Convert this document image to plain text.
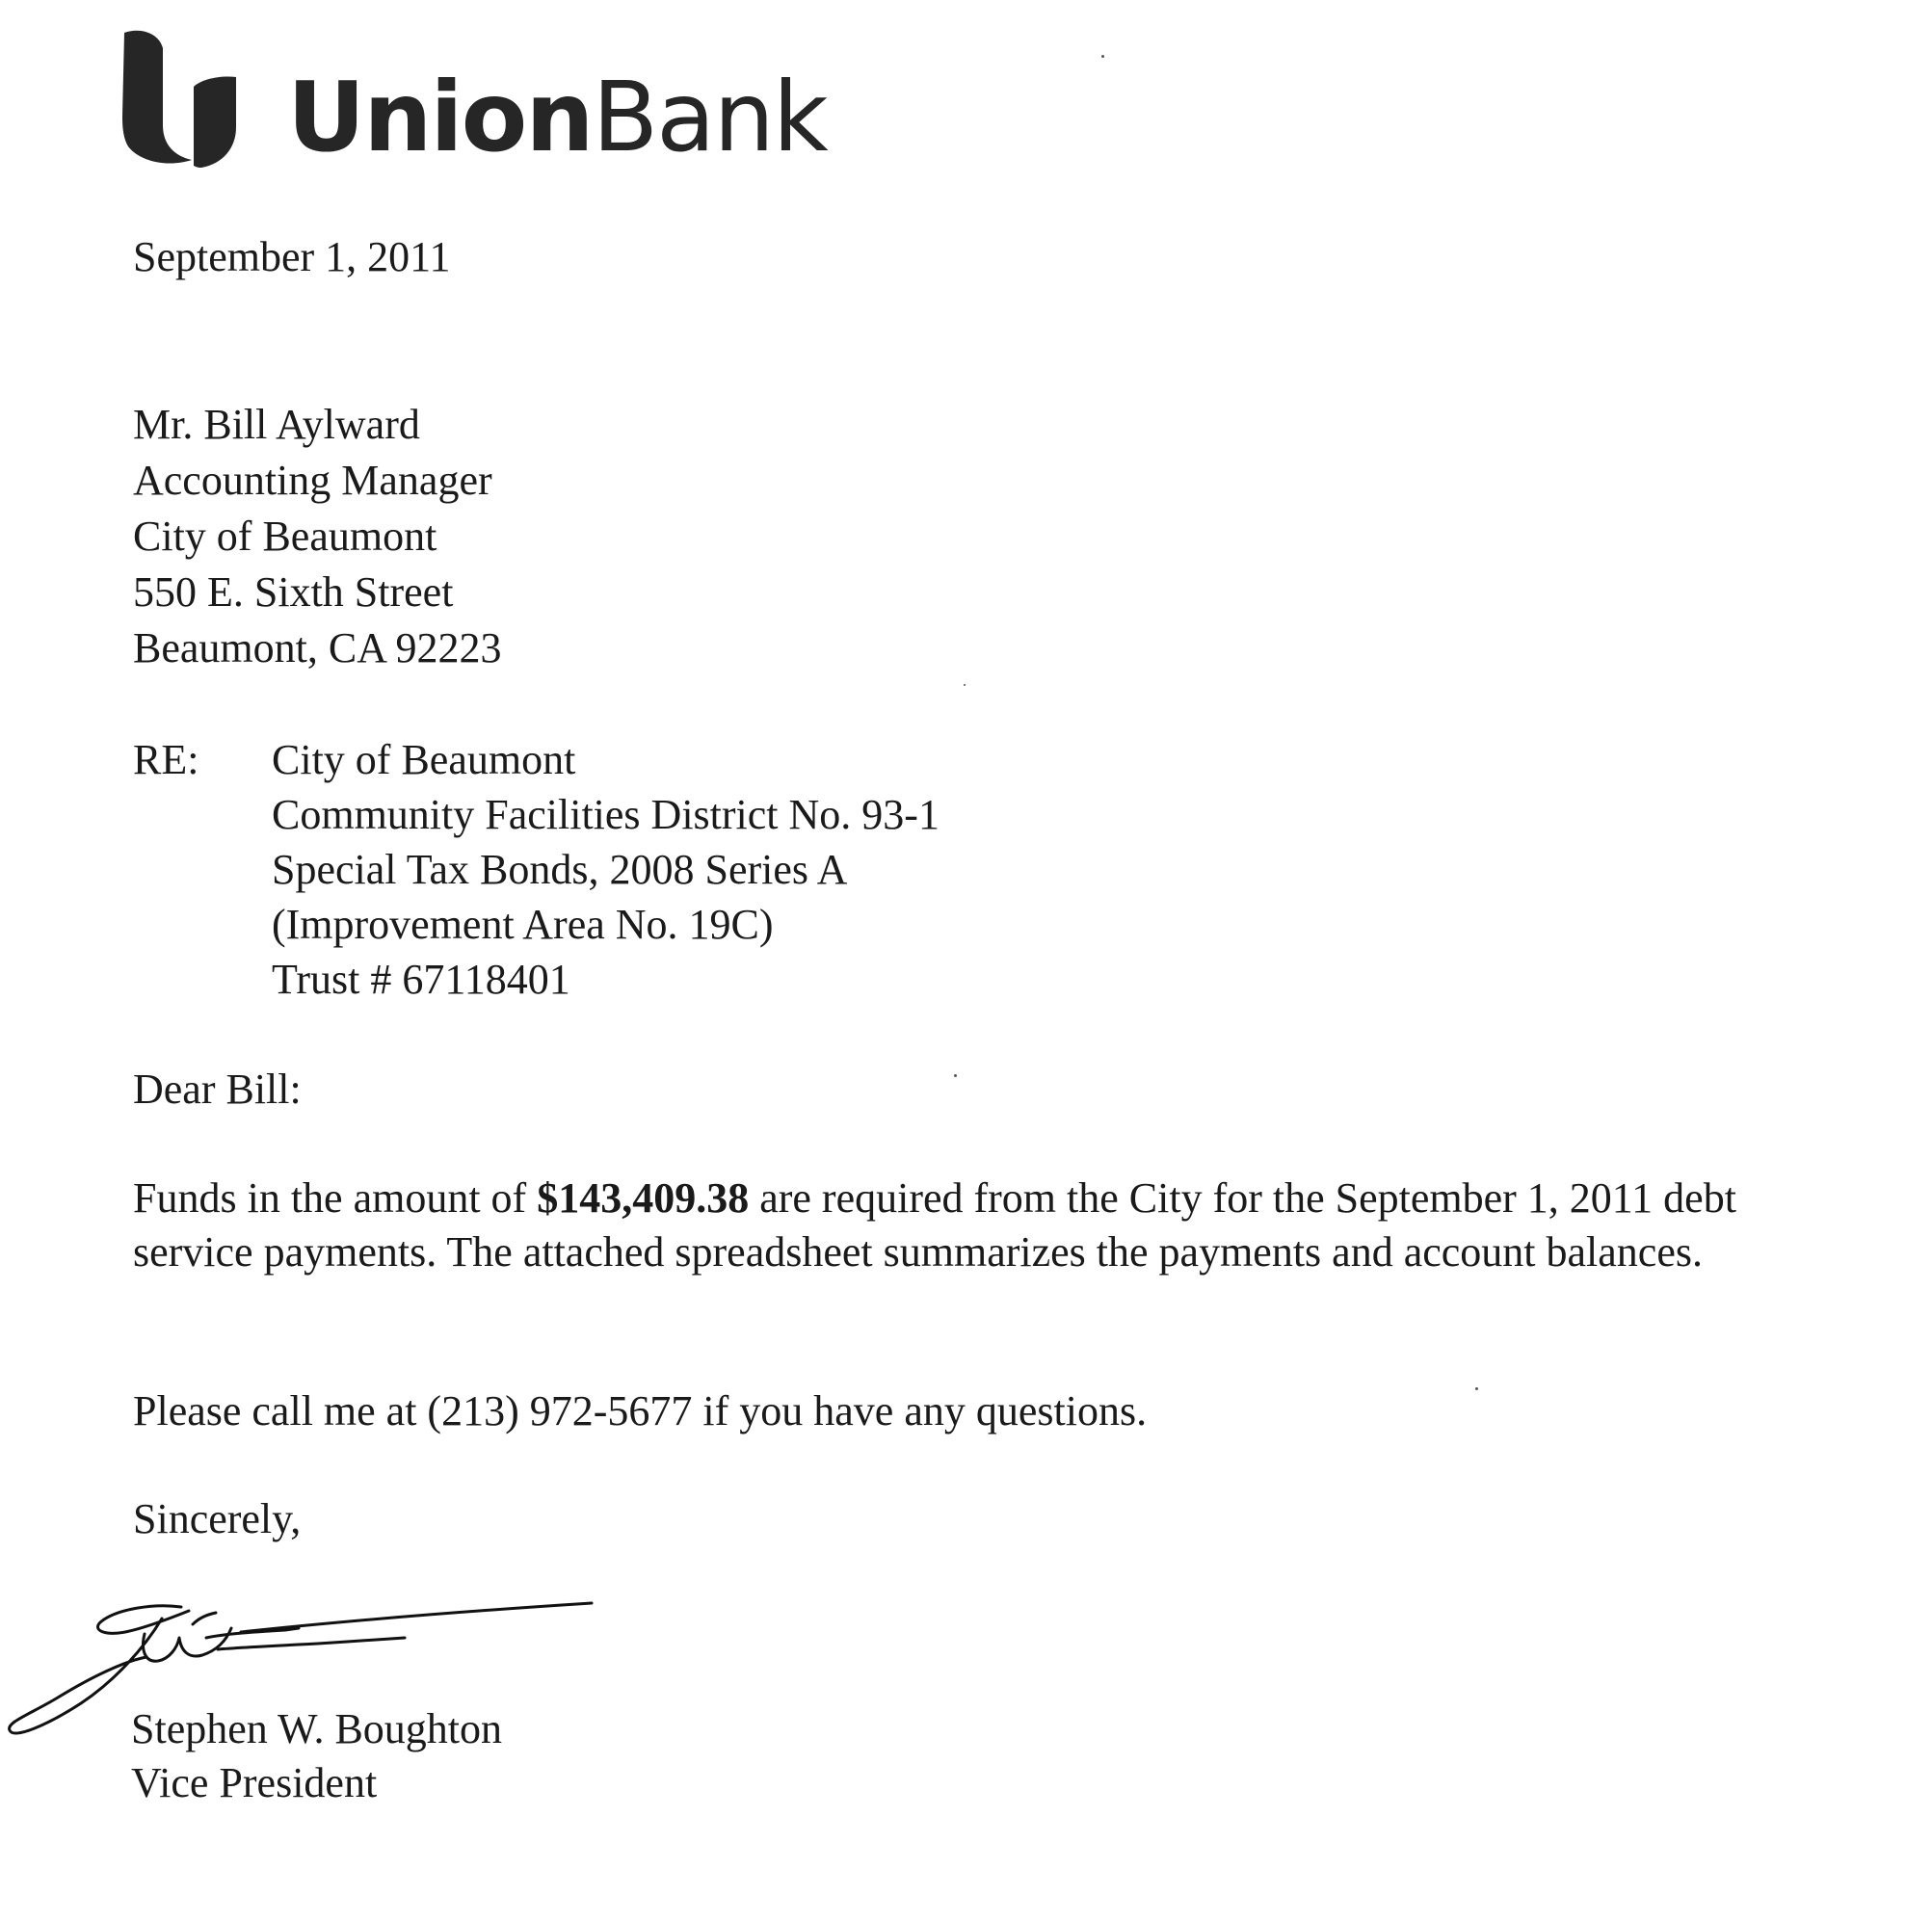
UnionBank
September 1, 2011
Mr. Bill Aylward
Accounting Manager
City of Beaumont
550 E. Sixth Street
Beaumont, CA 92223
RE: City of Beaumont
Community Facilities District No. 93-1
Special Tax Bonds, 2008 Series A
(Improvement Area No. 19C)
Trust # 67118401
Dear Bill:
Funds in the amount of $143,409.38 are required from the City for the September 1, 2011 debt
service payments. The attached spreadsheet summarizes the payments and account balances.
Please call me at (213) 972-5677 if you have any questions.
Sincerely,
Stephen W. Boughton
Vice President
